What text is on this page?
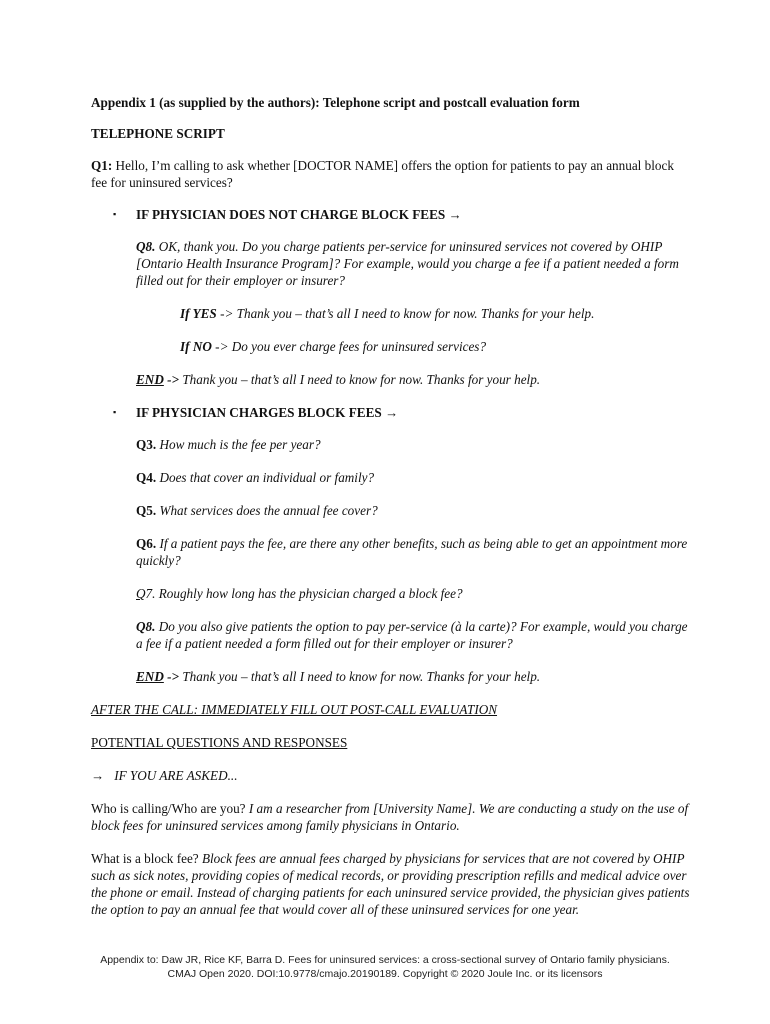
Appendix 1 (as supplied by the authors): Telephone script and postcall evaluation form

TELEPHONE SCRIPT

Q1: Hello, I’m calling to ask whether [DOCTOR NAME] offers the option for patients to pay an annual block fee for uninsured services?

▪ IF PHYSICIAN DOES NOT CHARGE BLOCK FEES →

Q8. OK, thank you. Do you charge patients per-service for uninsured services not covered by OHIP [Ontario Health Insurance Program]? For example, would you charge a fee if a patient needed a form filled out for their employer or insurer?

If YES -> Thank you – that’s all I need to know for now. Thanks for your help.

If NO -> Do you ever charge fees for uninsured services?

END -> Thank you – that’s all I need to know for now. Thanks for your help.

▪ IF PHYSICIAN CHARGES BLOCK FEES →

Q3. How much is the fee per year?

Q4. Does that cover an individual or family?

Q5. What services does the annual fee cover?

Q6. If a patient pays the fee, are there any other benefits, such as being able to get an appointment more quickly?

Q7. Roughly how long has the physician charged a block fee?

Q8. Do you also give patients the option to pay per-service (à la carte)? For example, would you charge a fee if a patient needed a form filled out for their employer or insurer?

END -> Thank you – that’s all I need to know for now. Thanks for your help.

AFTER THE CALL: IMMEDIATELY FILL OUT POST-CALL EVALUATION

POTENTIAL QUESTIONS AND RESPONSES

→ IF YOU ARE ASKED...

Who is calling/Who are you? I am a researcher from [University Name]. We are conducting a study on the use of block fees for uninsured services among family physicians in Ontario.

What is a block fee? Block fees are annual fees charged by physicians for services that are not covered by OHIP such as sick notes, providing copies of medical records, or providing prescription refills and medical advice over the phone or email. Instead of charging patients for each uninsured service provided, the physician gives patients the option to pay an annual fee that would cover all of these uninsured services for one year.

Appendix to: Daw JR, Rice KF, Barra D. Fees for uninsured services: a cross-sectional survey of Ontario family physicians.
CMAJ Open 2020. DOI:10.9778/cmajo.20190189. Copyright © 2020 Joule Inc. or its licensors
